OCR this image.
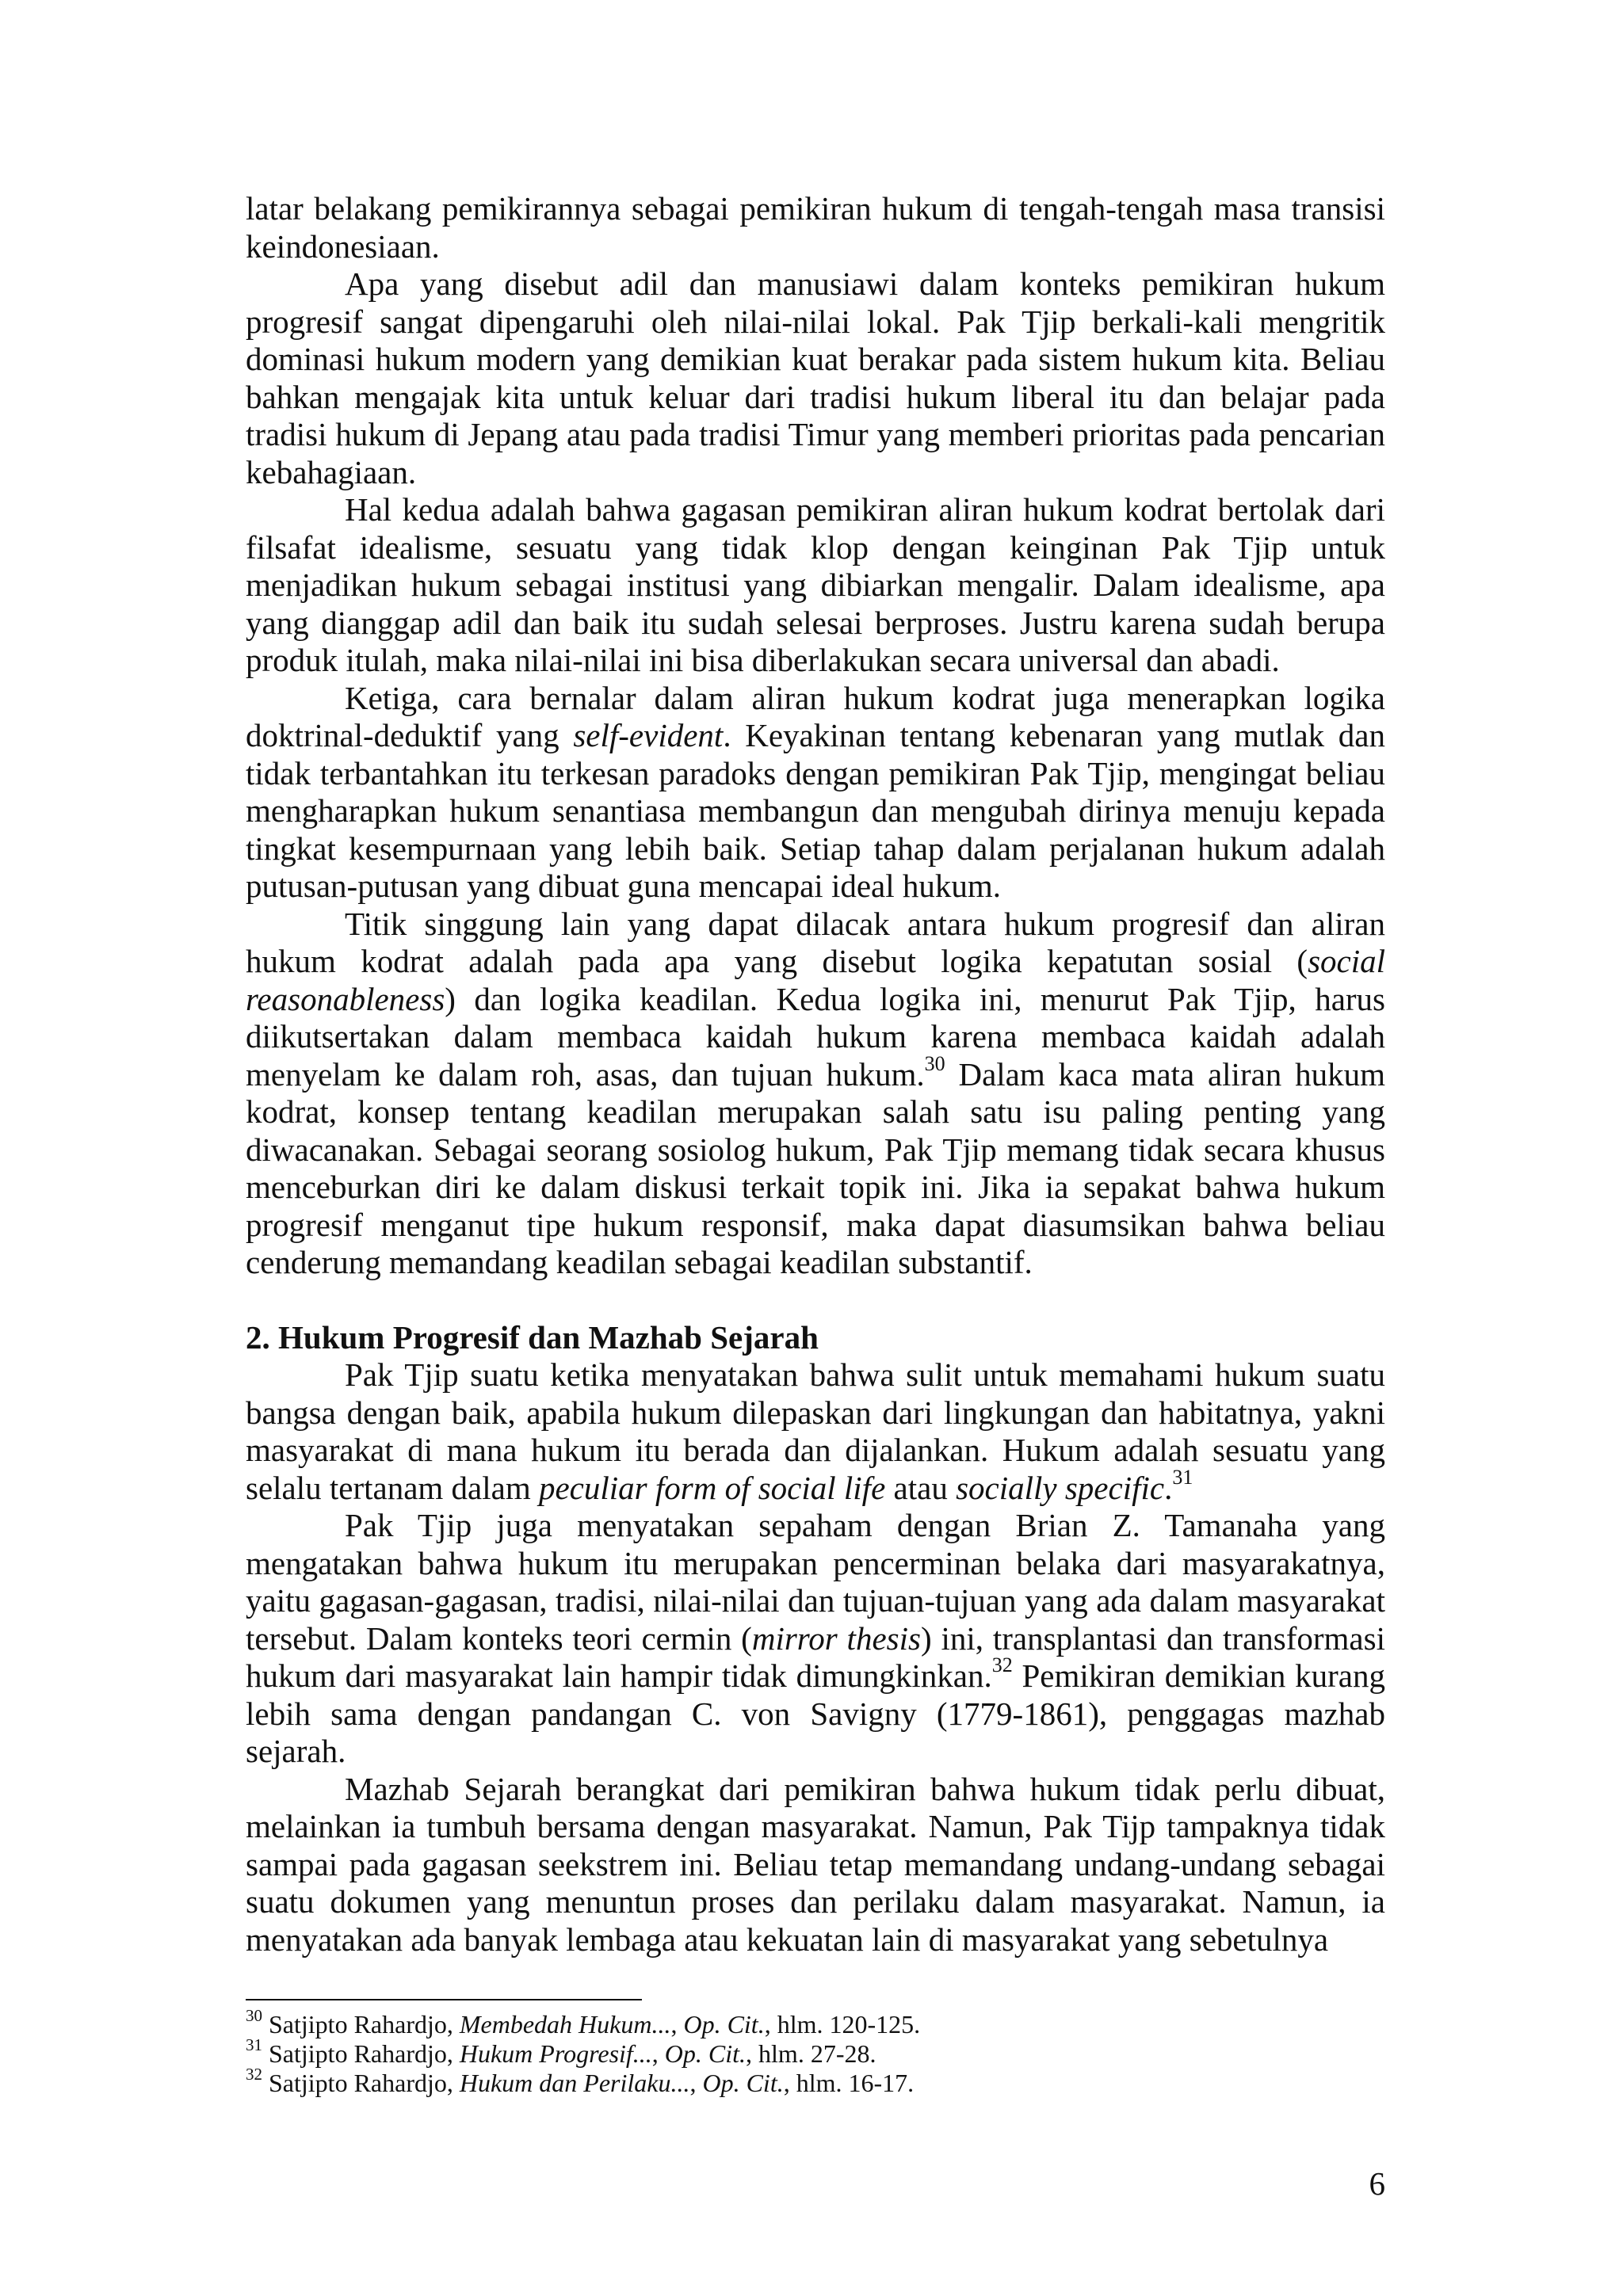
latar belakang pemikirannya sebagai pemikiran hukum di tengah-tengah masa transisi keindonesiaan.

Apa yang disebut adil dan manusiawi dalam konteks pemikiran hukum progresif sangat dipengaruhi oleh nilai-nilai lokal. Pak Tjip berkali-kali mengritik dominasi hukum modern yang demikian kuat berakar pada sistem hukum kita. Beliau bahkan mengajak kita untuk keluar dari tradisi hukum liberal itu dan belajar pada tradisi hukum di Jepang atau pada tradisi Timur yang memberi prioritas pada pencarian kebahagiaan.

Hal kedua adalah bahwa gagasan pemikiran aliran hukum kodrat bertolak dari filsafat idealisme, sesuatu yang tidak klop dengan keinginan Pak Tjip untuk menjadikan hukum sebagai institusi yang dibiarkan mengalir. Dalam idealisme, apa yang dianggap adil dan baik itu sudah selesai berproses. Justru karena sudah berupa produk itulah, maka nilai-nilai ini bisa diberlakukan secara universal dan abadi.

Ketiga, cara bernalar dalam aliran hukum kodrat juga menerapkan logika doktrinal-deduktif yang self-evident. Keyakinan tentang kebenaran yang mutlak dan tidak terbantahkan itu terkesan paradoks dengan pemikiran Pak Tjip, mengingat beliau mengharapkan hukum senantiasa membangun dan mengubah dirinya menuju kepada tingkat kesempurnaan yang lebih baik. Setiap tahap dalam perjalanan hukum adalah putusan-putusan yang dibuat guna mencapai ideal hukum.

Titik singgung lain yang dapat dilacak antara hukum progresif dan aliran hukum kodrat adalah pada apa yang disebut logika kepatutan sosial (social reasonableness) dan logika keadilan. Kedua logika ini, menurut Pak Tjip, harus diikutsertakan dalam membaca kaidah hukum karena membaca kaidah adalah menyelam ke dalam roh, asas, dan tujuan hukum.$^{30}$ Dalam kaca mata aliran hukum kodrat, konsep tentang keadilan merupakan salah satu isu paling penting yang diwacanakan. Sebagai seorang sosiolog hukum, Pak Tjip memang tidak secara khusus menceburkan diri ke dalam diskusi terkait topik ini. Jika ia sepakat bahwa hukum progresif menganut tipe hukum responsif, maka dapat diasumsikan bahwa beliau cenderung memandang keadilan sebagai keadilan substantif.

2. Hukum Progresif dan Mazhab Sejarah

Pak Tjip suatu ketika menyatakan bahwa sulit untuk memahami hukum suatu bangsa dengan baik, apabila hukum dilepaskan dari lingkungan dan habitatnya, yakni masyarakat di mana hukum itu berada dan dijalankan. Hukum adalah sesuatu yang selalu tertanam dalam peculiar form of social life atau socially specific.$^{31}$

Pak Tjip juga menyatakan sepaham dengan Brian Z. Tamanaha yang mengatakan bahwa hukum itu merupakan pencerminan belaka dari masyarakatnya, yaitu gagasan-gagasan, tradisi, nilai-nilai dan tujuan-tujuan yang ada dalam masyarakat tersebut. Dalam konteks teori cermin (mirror thesis) ini, transplantasi dan transformasi hukum dari masyarakat lain hampir tidak dimungkinkan.$^{32}$ Pemikiran demikian kurang lebih sama dengan pandangan C. von Savigny (1779-1861), penggagas mazhab sejarah.

Mazhab Sejarah berangkat dari pemikiran bahwa hukum tidak perlu dibuat, melainkan ia tumbuh bersama dengan masyarakat. Namun, Pak Tijp tampaknya tidak sampai pada gagasan seekstrem ini. Beliau tetap memandang undang-undang sebagai suatu dokumen yang menuntun proses dan perilaku dalam masyarakat. Namun, ia menyatakan ada banyak lembaga atau kekuatan lain di masyarakat yang sebetulnya

$^{30}$ Satjipto Rahardjo, Membedah Hukum..., Op. Cit., hlm. 120-125.

$^{31}$ Satjipto Rahardjo, Hukum Progresif..., Op. Cit., hlm. 27-28.

$^{32}$ Satjipto Rahardjo, Hukum dan Perilaku..., Op. Cit., hlm. 16-17.

6
